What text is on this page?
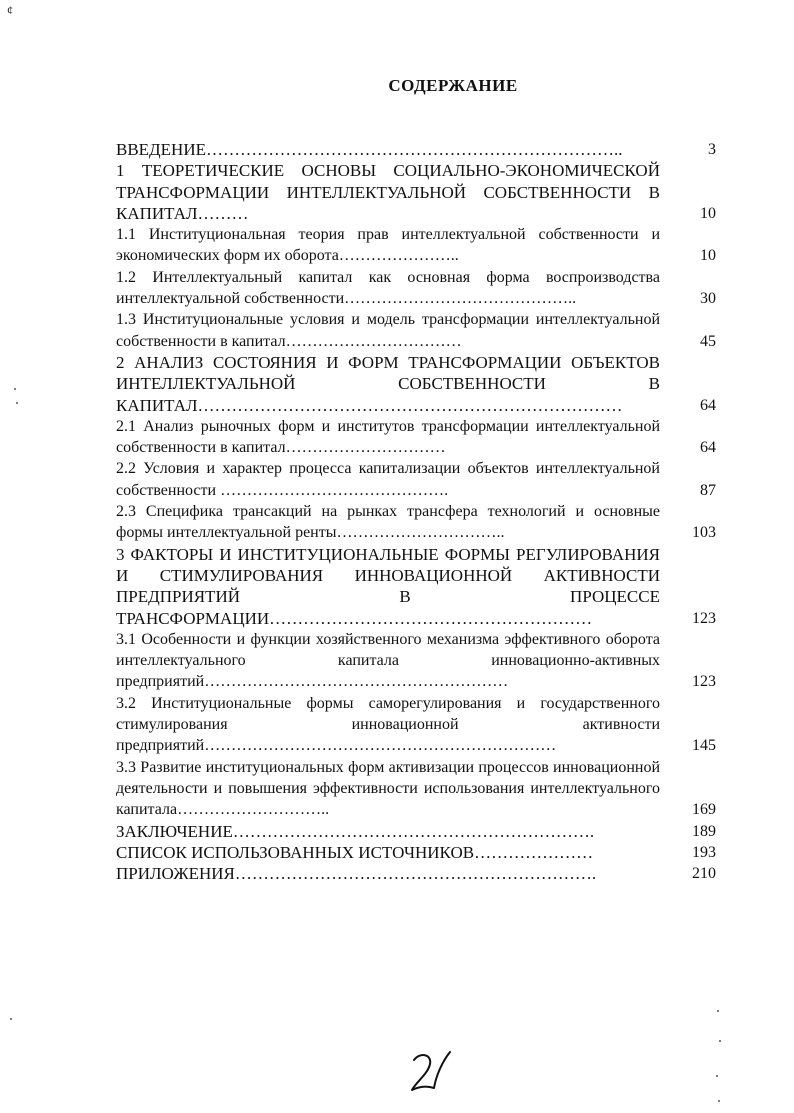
¢
СОДЕРЖАНИЕ
ВВЕДЕНИЕ………………………………………………………………..	3
1 ТЕОРЕТИЧЕСКИЕ ОСНОВЫ СОЦИАЛЬНО-ЭКОНОМИЧЕСКОЙ ТРАНСФОРМАЦИИ ИНТЕЛЛЕКТУАЛЬНОЙ СОБСТВЕННОСТИ В КАПИТАЛ………	10
1.1 Институциональная теория прав интеллектуальной собственности и экономических форм их оборота…………………..	10
1.2 Интеллектуальный капитал как основная форма воспроизводства интеллектуальной собственности……………………………………..	30
1.3 Институциональные условия и модель трансформации интеллектуальной собственности в капитал……………………………	45
2 АНАЛИЗ СОСТОЯНИЯ И ФОРМ ТРАНСФОРМАЦИИ ОБЪЕКТОВ ИНТЕЛЛЕКТУАЛЬНОЙ СОБСТВЕННОСТИ В КАПИТАЛ…………………………………………………………………	64
2.1 Анализ рыночных форм и институтов трансформации интеллектуальной собственности в капитал…………………………	64
2.2 Условия и характер процесса капитализации объектов интеллектуальной собственности …………………………………….	87
2.3 Специфика трансакций на рынках трансфера технологий и основные формы интеллектуальной ренты…………………………..	103
3 ФАКТОРЫ И ИНСТИТУЦИОНАЛЬНЫЕ ФОРМЫ РЕГУЛИРОВАНИЯ И СТИМУЛИРОВАНИЯ ИННОВАЦИОННОЙ АКТИВНОСТИ ПРЕДПРИЯТИЙ В ПРОЦЕССЕ ТРАНСФОРМАЦИИ…………………………………………………	123
3.1 Особенности и функции хозяйственного механизма эффективного оборота интеллектуального капитала инновационно-активных предприятий…………………………………………………	123
3.2 Институциональные формы саморегулирования и государственного стимулирования инновационной активности предприятий…………………………………………………………	145
3.3 Развитие институциональных форм активизации процессов инновационной деятельности и повышения эффективности использования интеллектуального капитала………………………..	169
ЗАКЛЮЧЕНИЕ……………………………………………………….	189
СПИСОК ИСПОЛЬЗОВАННЫХ ИСТОЧНИКОВ…………………	193
ПРИЛОЖЕНИЯ……………………………………………………….	210
